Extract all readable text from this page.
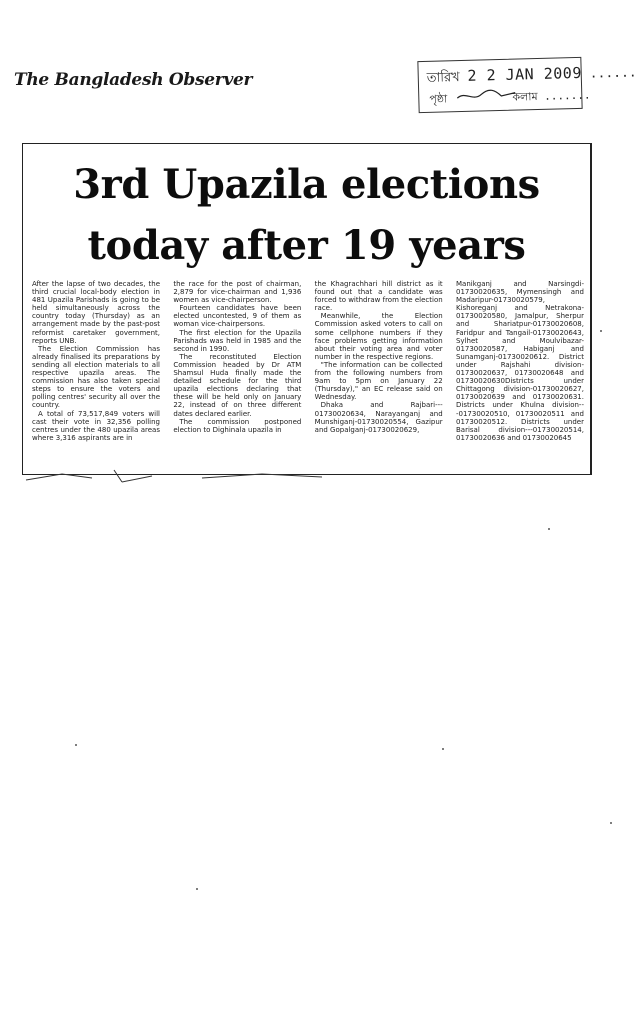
The Bangladesh Observer	তারিখ 2 2 JAN 2009 ......
পৃষ্ঠা	কলাম .......
3rd Upazila elections
today after 19 years

After the lapse of two decades, the third crucial local-body election in 481 Upazila Parishads is going to be held simultaneously across the country today (Thursday) as an arrangement made by the past-post reformist caretaker government, reports UNB.

The Election Commission has already finalised its preparations by sending all election materials to all respective upazila areas. The commission has also taken special steps to ensure the voters and polling centres' security all over the country.

A total of 73,517,849 voters will cast their vote in 32,356 polling centres under the 480 upazila areas where 3,316 aspirants are in

the race for the post of chairman, 2,879 for vice-chairman and 1,936 women as vice-chairperson.

Fourteen candidates have been elected uncontested, 9 of them as woman vice-chairpersons.

The first election for the Upazila Parishads was held in 1985 and the second in 1990.

The reconstituted Election Commission headed by Dr ATM Shamsul Huda finally made the detailed schedule for the third upazila elections declaring that these will be held only on January 22, instead of on three different dates declared earlier.

The commission postponed election to Dighinala upazila in

the Khagrachhari hill district as it found out that a candidate was forced to withdraw from the election race.

Meanwhile, the Election Commission asked voters to call on some cellphone numbers if they face problems getting information about their voting area and voter number in the respective regions.

"The information can be collected from the following numbers from 9am to 5pm on January 22 (Thursday)," an EC release said on Wednesday.

Dhaka and Rajbari--- 01730020634, Narayanganj and Munshiganj-01730020554, Gazipur and Gopalganj-01730020629,

Manikganj and Narsingdi-01730020635, Mymensingh and Madaripur-01730020579, Kishoreganj and Netrakona-01730020580, Jamalpur, Sherpur and Shariatpur-01730020608, Faridpur and Tangail-01730020643, Sylhet and Moulvibazar-01730020587, Habiganj and Sunamganj-01730020612. District under Rajshahi division-01730020637, 01730020648 and 01730020630Districts under Chittagong division-01730020627, 01730020639 and 01730020631. Districts under Khulna division---01730020510, 01730020511 and 01730020512. Districts under Barisal division---01730020514, 01730020636 and 01730020645
